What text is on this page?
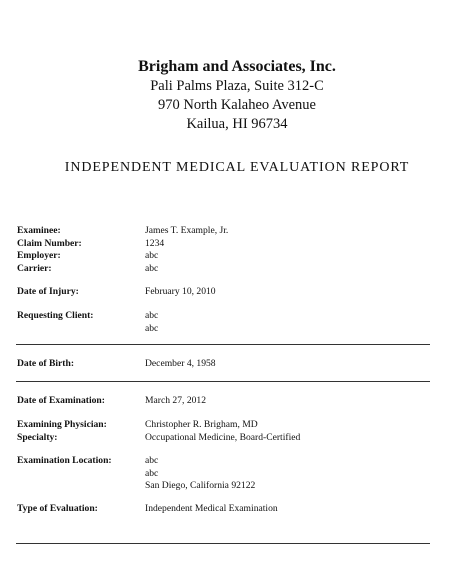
Brigham and Associates, Inc.
Pali Palms Plaza, Suite 312-C
970 North Kalaheo Avenue
Kailua, HI 96734
INDEPENDENT MEDICAL EVALUATION REPORT
Examinee:	James T. Example, Jr.
Claim Number:	1234
Employer:	abc
Carrier:	abc
Date of Injury:	February 10, 2010
Requesting Client:	abc
abc
Date of Birth:	December 4, 1958
Date of Examination:	March 27, 2012
Examining Physician:	Christopher R. Brigham, MD
Specialty:	Occupational Medicine, Board-Certified
Examination Location:	abc
abc
San Diego, California 92122
Type of Evaluation:	Independent Medical Examination
